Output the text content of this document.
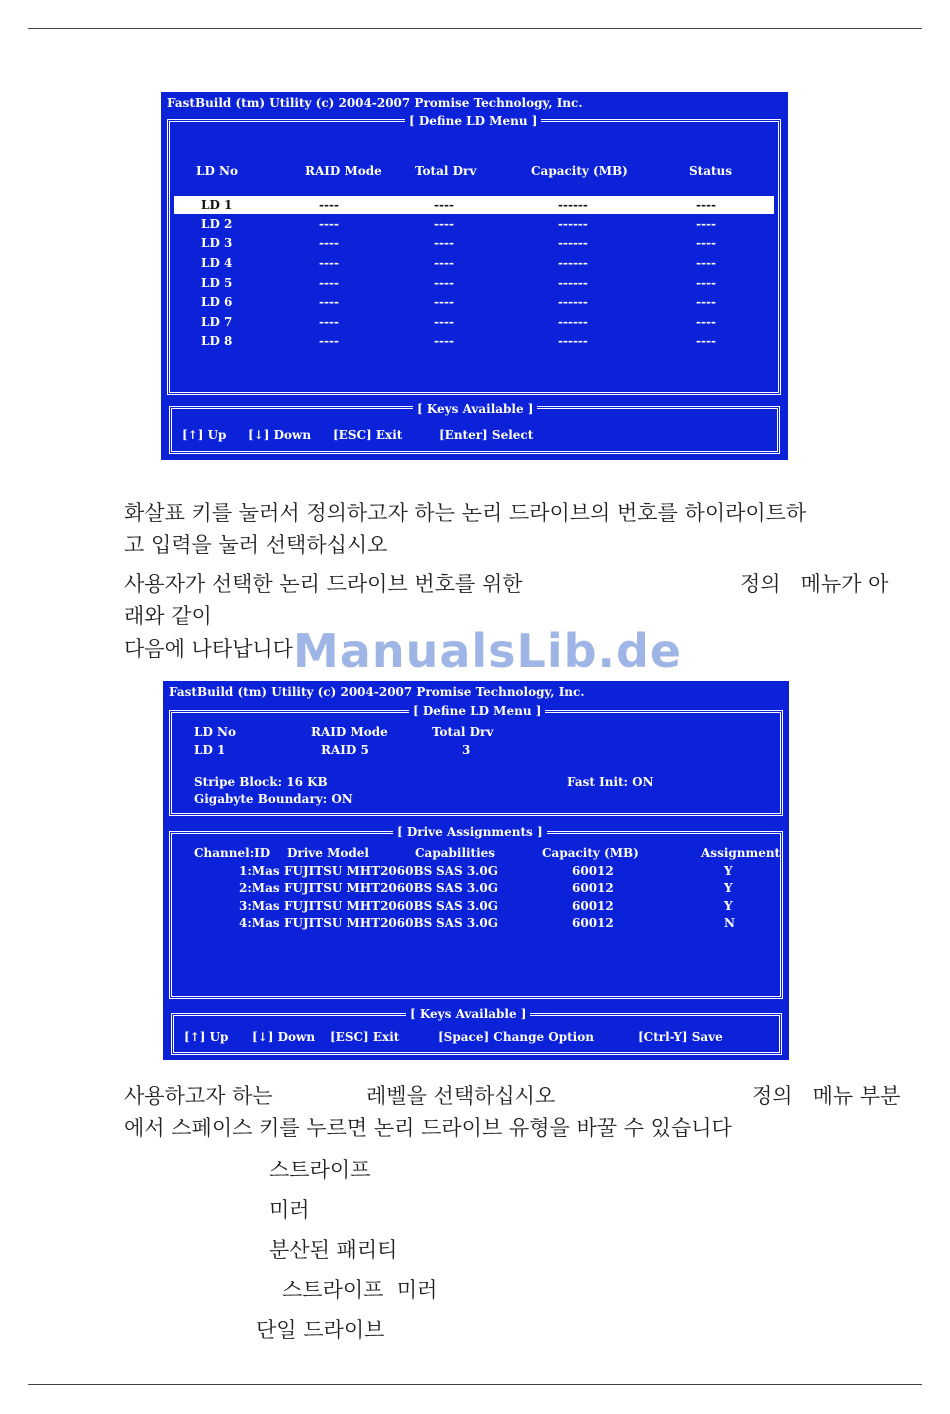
FastBuild (tm) Utility (c) 2004-2007 Promise Technology, Inc.
[ Define LD Menu ]
LD No	RAID Mode	Total Drv	Capacity (MB)	Status
LD 1	----	----	------	----
LD 2	----	----	------	----
LD 3	----	----	------	----
LD 4	----	----	------	----
LD 5	----	----	------	----
LD 6	----	----	------	----
LD 7	----	----	------	----
LD 8	----	----	------	----
[ Keys Available ]
[↑] Up [↓] Down [ESC] Exit	[Enter] Select
화살표 키를 눌러서 정의하고자 하는 논리 드라이브의 번호를 하이라이트하
고 입력을 눌러 선택하십시오
사용자가 선택한 논리 드라이브 번호를 위한	정의   메뉴가 아
래와 같이
다음에 나타납니다 ManualsLib.de
FastBuild (tm) Utility (c) 2004-2007 Promise Technology, Inc.
[ Define LD Menu ]
LD No	RAID Mode	Total Drv
LD 1	RAID 5	3
Stripe Block: 16 KB	Fast Init: ON
Gigabyte Boundary: ON
[ Drive Assignments ]
Channel:ID Drive Model	Capabilities	Capacity (MB)	Assignment
1:Mas FUJITSU MHT2060BS SAS 3.0G	60012	Y
2:Mas FUJITSU MHT2060BS SAS 3.0G	60012	Y
3:Mas FUJITSU MHT2060BS SAS 3.0G	60012	Y
4:Mas FUJITSU MHT2060BS SAS 3.0G	60012	N
[ Keys Available ]
[↑] Up [↓] Down [ESC] Exit	[Space] Change Option	[Ctrl-Y] Save
사용하고자 하는	레벨을 선택하십시오	정의   메뉴 부분
에서 스페이스 키를 누르면 논리 드라이브 유형을 바꿀 수 있습니다
스트라이프
미러
분산된 패리티
스트라이프  미러
단일 드라이브
